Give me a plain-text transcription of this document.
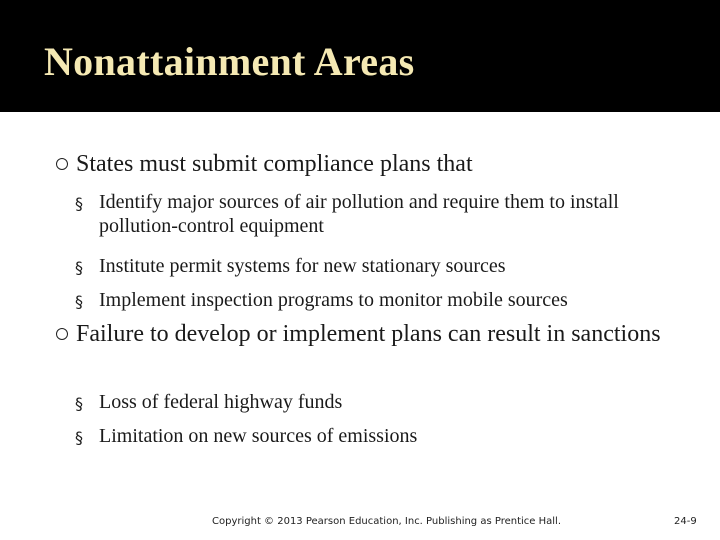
Nonattainment Areas
States must submit compliance plans that
§ Identify major sources of air pollution and require them to install pollution-control equipment
§ Institute permit systems for new stationary sources
§ Implement inspection programs to monitor mobile sources
Failure to develop or implement plans can result in sanctions
§ Loss of federal highway funds
§ Limitation on new sources of emissions
Copyright © 2013 Pearson Education, Inc. Publishing as Prentice Hall.	24-9
